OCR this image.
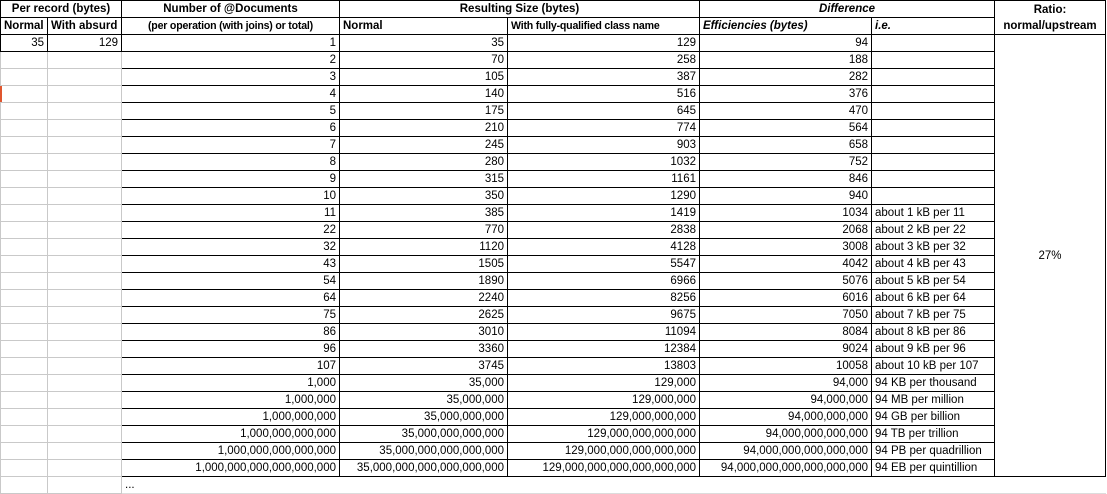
Per record (bytes)		Number of @Documents	Resulting Size (bytes)		Difference		Ratio:
normal/upstream

Normal	With absurd	(per operation (with joins) or total)	Normal	With fully-qualified class name	Efficiencies (bytes)	i.e.	
35	129	1	35	129	94		27%
		2	70	258	188		
		3	105	387	282		
		4	140	516	376		
		5	175	645	470		
		6	210	774	564		
		7	245	903	658		
		8	280	1032	752		
		9	315	1161	846		
		10	350	1290	940		
		11	385	1419	1034	about 1 kB per 11	
		22	770	2838	2068	about 2 kB per 22	
		32	1120	4128	3008	about 3 kB per 32	
		43	1505	5547	4042	about 4 kB per 43	
		54	1890	6966	5076	about 5 kB per 54	
		64	2240	8256	6016	about 6 kB per 64	
		75	2625	9675	7050	about 7 kB per 75	
		86	3010	11094	8084	about 8 kB per 86	
		96	3360	12384	9024	about 9 kB per 96	
		107	3745	13803	10058	about 10 kB per 107	
		1,000	35,000	129,000	94,000	94 KB per thousand	
		1,000,000	35,000,000	129,000,000	94,000,000	94 MB per million	
		1,000,000,000	35,000,000,000	129,000,000,000	94,000,000,000	94 GB per billion	
		1,000,000,000,000	35,000,000,000,000	129,000,000,000,000	94,000,000,000,000	94 TB per trillion	
		1,000,000,000,000,000	35,000,000,000,000,000	129,000,000,000,000,000	94,000,000,000,000,000	94 PB per quadrillion	
		1,000,000,000,000,000,000	35,000,000,000,000,000,000	129,000,000,000,000,000,000	94,000,000,000,000,000,000	94 EB per quintillion	
		...					
